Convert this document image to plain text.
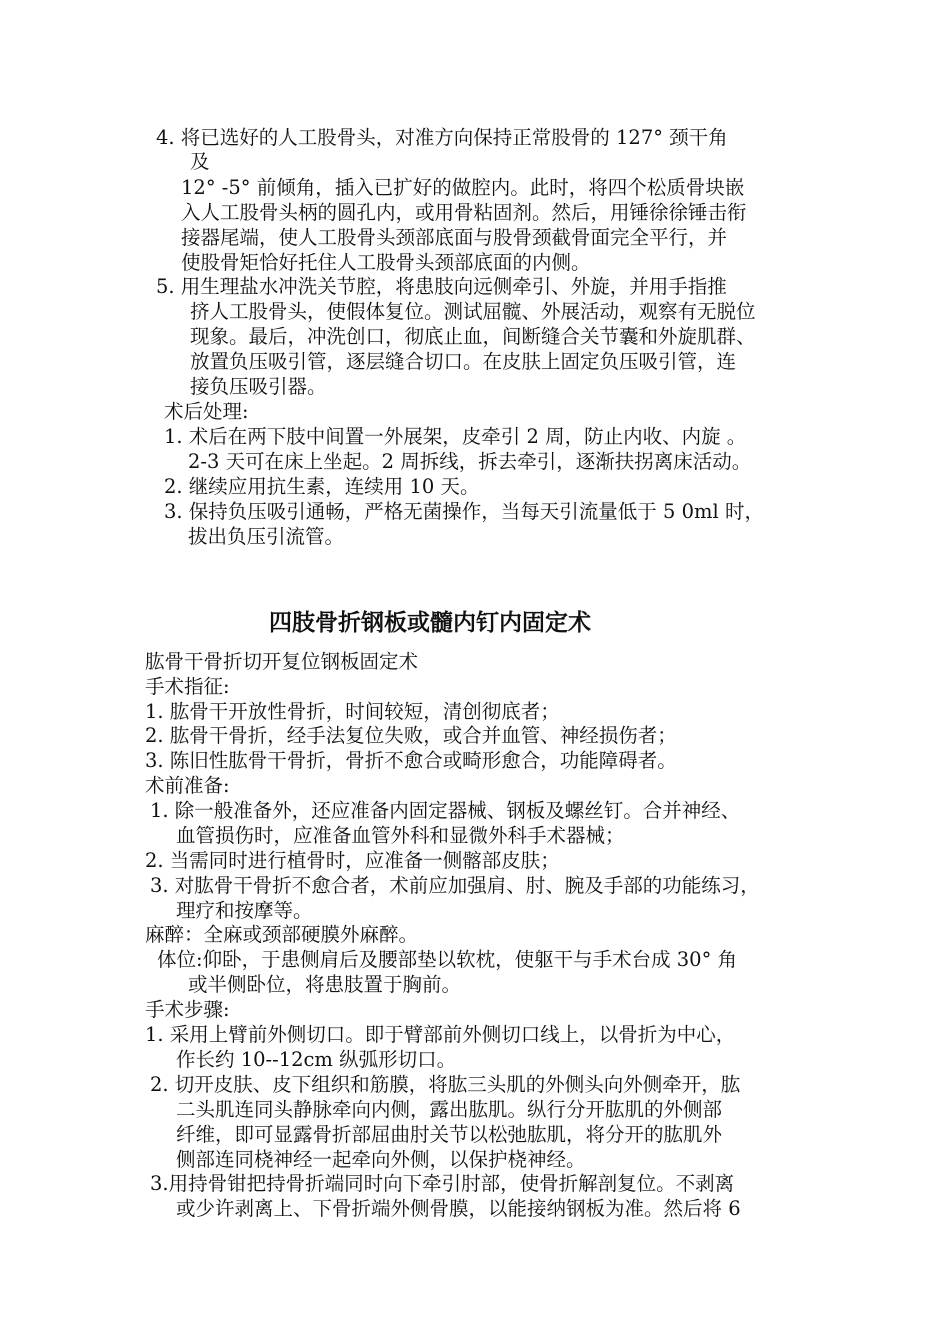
4. 将已选好的人工股骨头，对准方向保持正常股骨的 127° 颈干角
及
12° -5° 前倾角，插入已扩好的做腔内。此时，将四个松质骨块嵌
入人工股骨头柄的圆孔内，或用骨粘固剂。然后，用锤徐徐锤击衔
接器尾端，使人工股骨头颈部底面与股骨颈截骨面完全平行，并
使股骨矩恰好托住人工股骨头颈部底面的内侧。
5. 用生理盐水冲洗关节腔，将患肢向远侧牵引、外旋，并用手指推
挤人工股骨头，使假体复位。测试屈髋、外展活动，观察有无脱位
现象。最后，冲洗创口，彻底止血，间断缝合关节囊和外旋肌群、
放置负压吸引管，逐层缝合切口。在皮肤上固定负压吸引管，连
接负压吸引器。
术后处理:
1. 术后在两下肢中间置一外展架，皮牵引 2 周，防止内收、内旋 。
2-3 天可在床上坐起。2 周拆线，拆去牵引，逐渐扶拐离床活动。
2. 继续应用抗生素，连续用 10 天。
3. 保持负压吸引通畅，严格无菌操作，当每天引流量低于 5 0ml 时，
拔出负压引流管。
四肢骨折钢板或髓内钉内固定术
肱骨干骨折切开复位钢板固定术
手术指征:
1. 肱骨干开放性骨折，时间较短，清创彻底者；
2. 肱骨干骨折，经手法复位失败，或合并血管、神经损伤者；
3. 陈旧性肱骨干骨折，骨折不愈合或畸形愈合，功能障碍者。
术前准备:
1. 除一般准备外，还应准备内固定器械、钢板及螺丝钉。合并神经、
血管损伤时，应准备血管外科和显微外科手术器械；
2. 当需同时进行植骨时，应准备一侧髂部皮肤；
3. 对肱骨干骨折不愈合者，术前应加强肩、肘、腕及手部的功能练习，
理疗和按摩等。
麻醉：全麻或颈部硬膜外麻醉。
体位:仰卧，于患侧肩后及腰部垫以软枕，使躯干与手术台成 30° 角
或半侧卧位，将患肢置于胸前。
手术步骤:
1. 采用上臂前外侧切口。即于臂部前外侧切口线上，以骨折为中心，
作长约 10--12cm 纵弧形切口。
2. 切开皮肤、皮下组织和筋膜，将肱三头肌的外侧头向外侧牵开，肱
二头肌连同头静脉牵向内侧，露出肱肌。纵行分开肱肌的外侧部
纤维，即可显露骨折部屈曲肘关节以松弛肱肌，将分开的肱肌外
侧部连同桡神经一起牵向外侧，以保护桡神经。
3.用持骨钳把持骨折端同时向下牵引肘部，使骨折解剖复位。不剥离
或少许剥离上、下骨折端外侧骨膜，以能接纳钢板为准。然后将 6
